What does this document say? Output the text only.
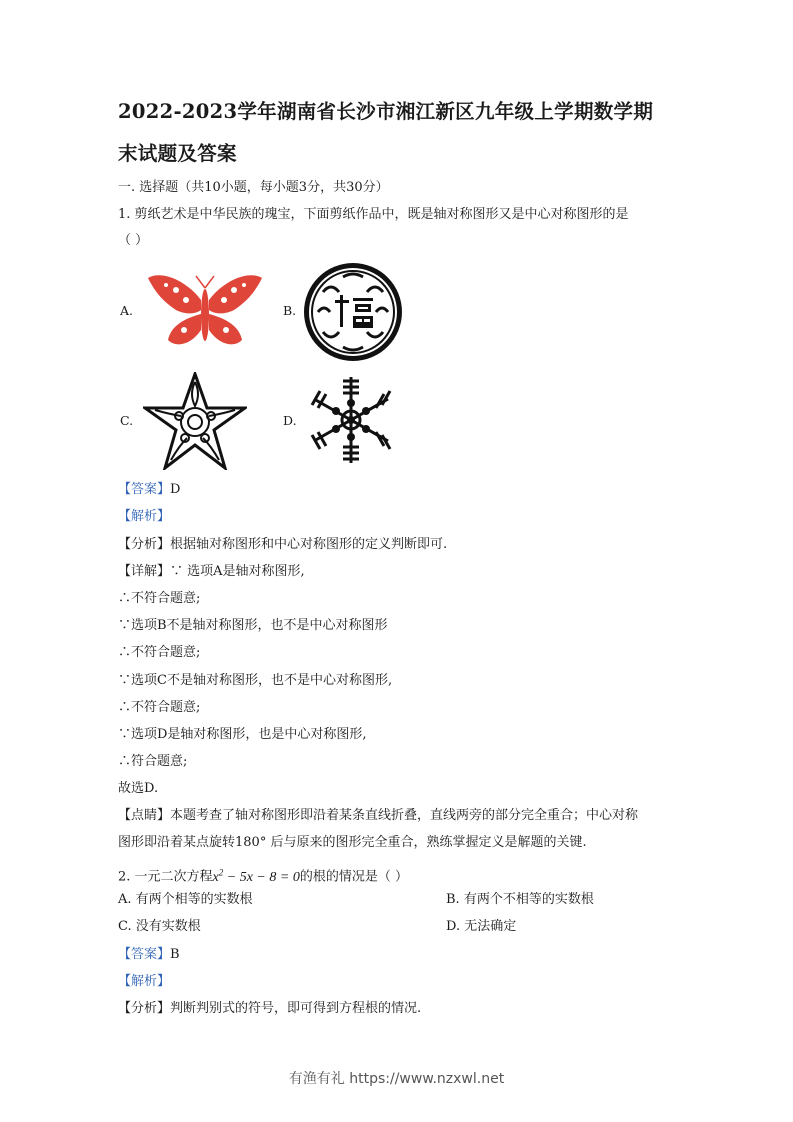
2022-2023学年湖南省长沙市湘江新区九年级上学期数学期
末试题及答案
一. 选择题（共10小题，每小题3分，共30分）
1. 剪纸艺术是中华民族的瑰宝，下面剪纸作品中，既是轴对称图形又是中心对称图形的是
（ ）
A.	B.
C.	D.
【答案】D
【解析】
【分析】根据轴对称图形和中心对称图形的定义判断即可.
【详解】∵ 选项A是轴对称图形,
∴不符合题意;
∵选项B不是轴对称图形，也不是中心对称图形
∴不符合题意;
∵选项C不是轴对称图形，也不是中心对称图形,
∴不符合题意;
∵选项D是轴对称图形，也是中心对称图形,
∴符合题意;
故选D.
【点睛】本题考查了轴对称图形即沿着某条直线折叠，直线两旁的部分完全重合；中心对称
图形即沿着某点旋转180° 后与原来的图形完全重合，熟练掌握定义是解题的关键.
2. 一元二次方程$x^2 - 5x - 8 = 0$的根的情况是（ ）
A. 有两个相等的实数根	B. 有两个不相等的实数根
C. 没有实数根	D. 无法确定
【答案】B
【解析】
【分析】判断判别式的符号，即可得到方程根的情况.
有渔有礼 https://www.nzxwl.net
